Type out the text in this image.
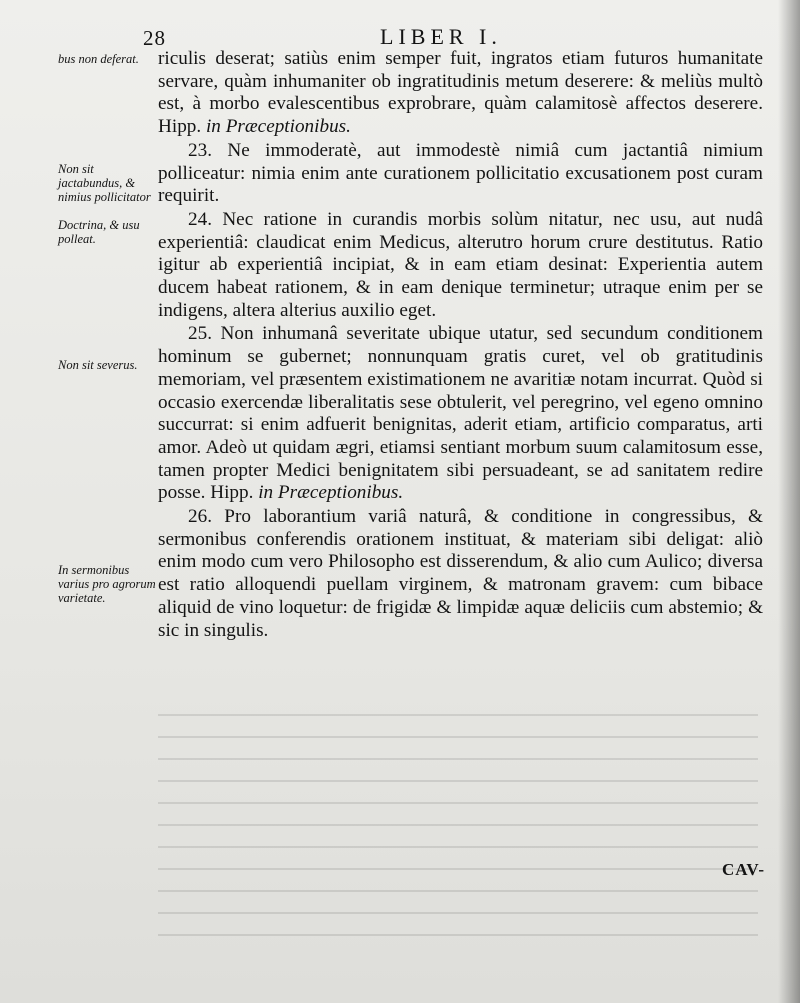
28	LIBER I.
bus non deferat.
Non sit jactabundus, & nimius pollicitator
Doctrina, & usu polleat.
Non sit severus.
In sermonibus varius pro agrorum varietate.

riculis deserat; satiùs enim semper fuit, ingratos etiam futuros humanitate servare, quàm inhumaniter ob ingratitudinis metum deserere: & meliùs multò est, à morbo evalescentibus exprobrare, quàm calamitosè affectos deserere. Hipp. in Præceptionibus.

23. Ne immoderatè, aut immodestè nimiâ cum jactantiâ nimium polliceatur: nimia enim ante curationem pollicitatio excusationem post curam requirit.

24. Nec ratione in curandis morbis solùm nitatur, nec usu, aut nudâ experientiâ: claudicat enim Medicus, alterutro horum crure destitutus. Ratio igitur ab experientiâ incipiat, & in eam etiam desinat: Experientia autem ducem habeat rationem, & in eam denique terminetur; utraque enim per se indigens, altera alterius auxilio eget.

25. Non inhumanâ severitate ubique utatur, sed secundum conditionem hominum se gubernet; nonnunquam gratis curet, vel ob gratitudinis memoriam, vel præsentem existimationem ne avaritiæ notam incurrat. Quòd si occasio exercendæ liberalitatis sese obtulerit, vel peregrino, vel egeno omnino succurrat: si enim adfuerit benignitas, aderit etiam, artificio comparatus, arti amor. Adeò ut quidam ægri, etiamsi sentiant morbum suum calamitosum esse, tamen propter Medici benignitatem sibi persuadeant, se ad sanitatem redire posse. Hipp. in Præceptionibus.

26. Pro laborantium variâ naturâ, & conditione in congressibus, & sermonibus conferendis orationem instituat, & materiam sibi deligat: aliò enim modo cum vero Philosopho est disserendum, & alio cum Aulico; diversa est ratio alloquendi puellam virginem, & matronam gravem: cum bibace aliquid de vino loquetur: de frigidæ & limpidæ aquæ deliciis cum abstemio; & sic in singulis.

CAV-
